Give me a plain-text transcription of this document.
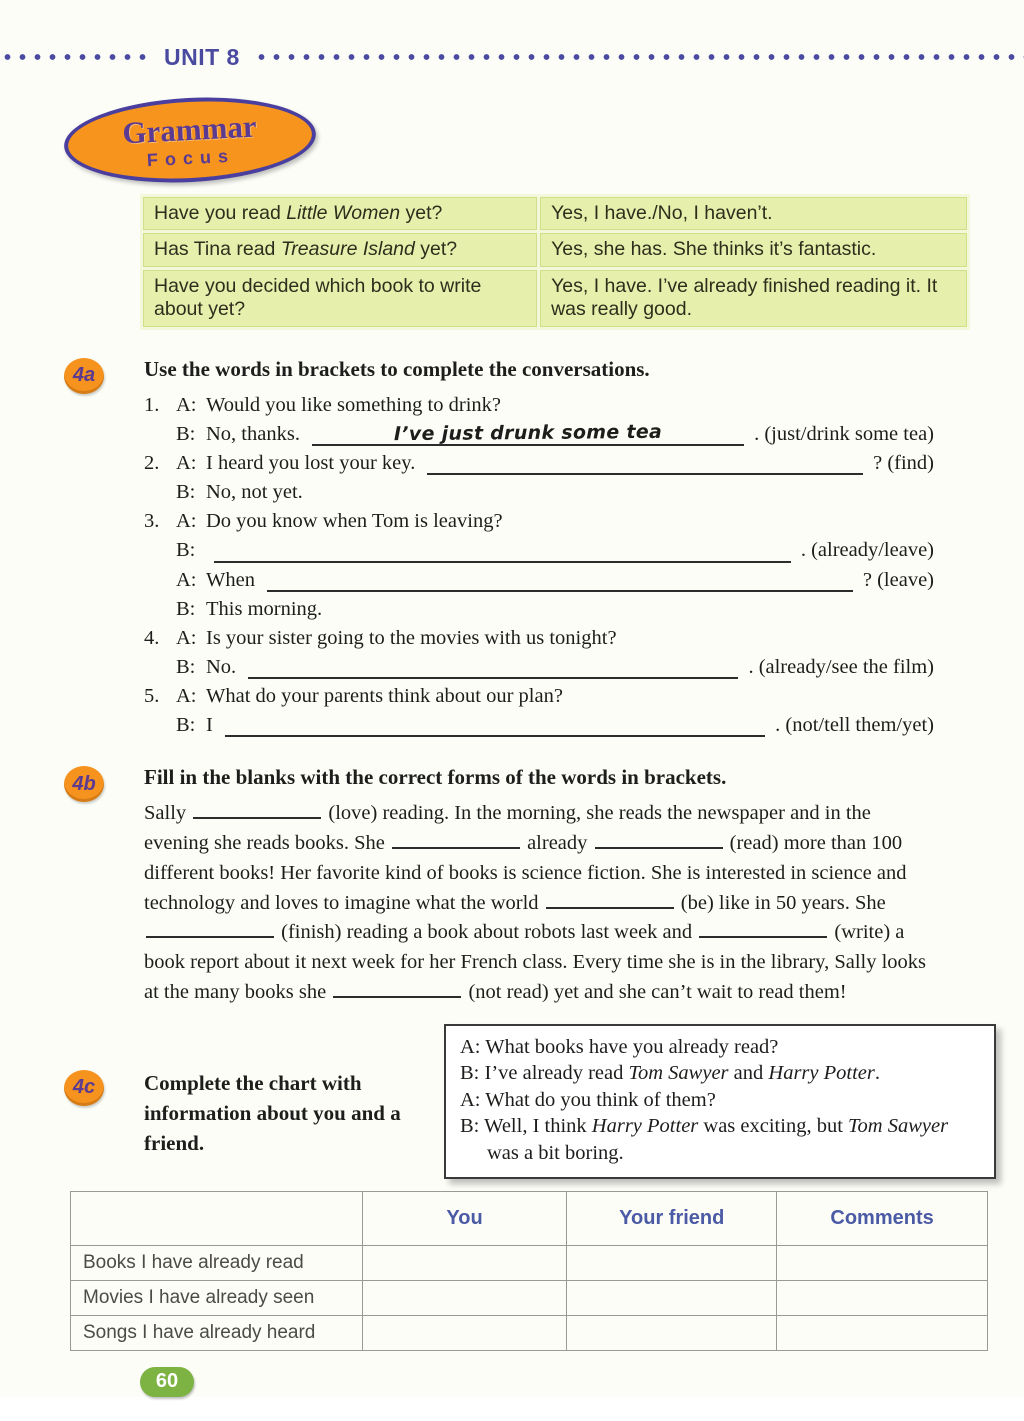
UNIT 8
Grammar
Focus
Have you read Little Women yet?	Yes, I have./No, I haven’t.
Has Tina read Treasure Island yet?	Yes, she has. She thinks it’s fantastic.
Have you decided which book to write about yet?	Yes, I have. I’ve already finished reading it. It was really good.
4a	Use the words in brackets to complete the conversations.
1. A: Would you like something to drink?
B: No, thanks.	I’ve just drunk some tea	. (just/drink some tea)
2. A: I heard you lost your key.	? (find)
B: No, not yet.
3. A: Do you know when Tom is leaving?
B:	. (already/leave)
A: When	? (leave)
B: This morning.
4. A: Is your sister going to the movies with us tonight?
B: No.	. (already/see the film)
5. A: What do your parents think about our plan?
B: I	. (not/tell them/yet)
4b	Fill in the blanks with the correct forms of the words in brackets.
Sally	(love) reading. In the morning, she reads the newspaper and in the evening she reads books. She	already	(read) more than 100 different books! Her favorite kind of books is science fiction. She is interested in science and technology and loves to imagine what the world	(be) like in 50 years. She  (finish) reading a book about robots last week and	(write) a book report about it next week for her French class. Every time she is in the library, Sally looks at the many books she	(not read) yet and she can’t wait to read them!
4c	Complete the chart with information about you and a friend.
A: What books have you already read?
B: I’ve already read Tom Sawyer and Harry Potter.
A: What do you think of them?
B: Well, I think Harry Potter was exciting, but Tom Sawyer was a bit boring.
	You	Your friend	Comments
Books I have already read			
Movies I have already seen			
Songs I have already heard			
60
